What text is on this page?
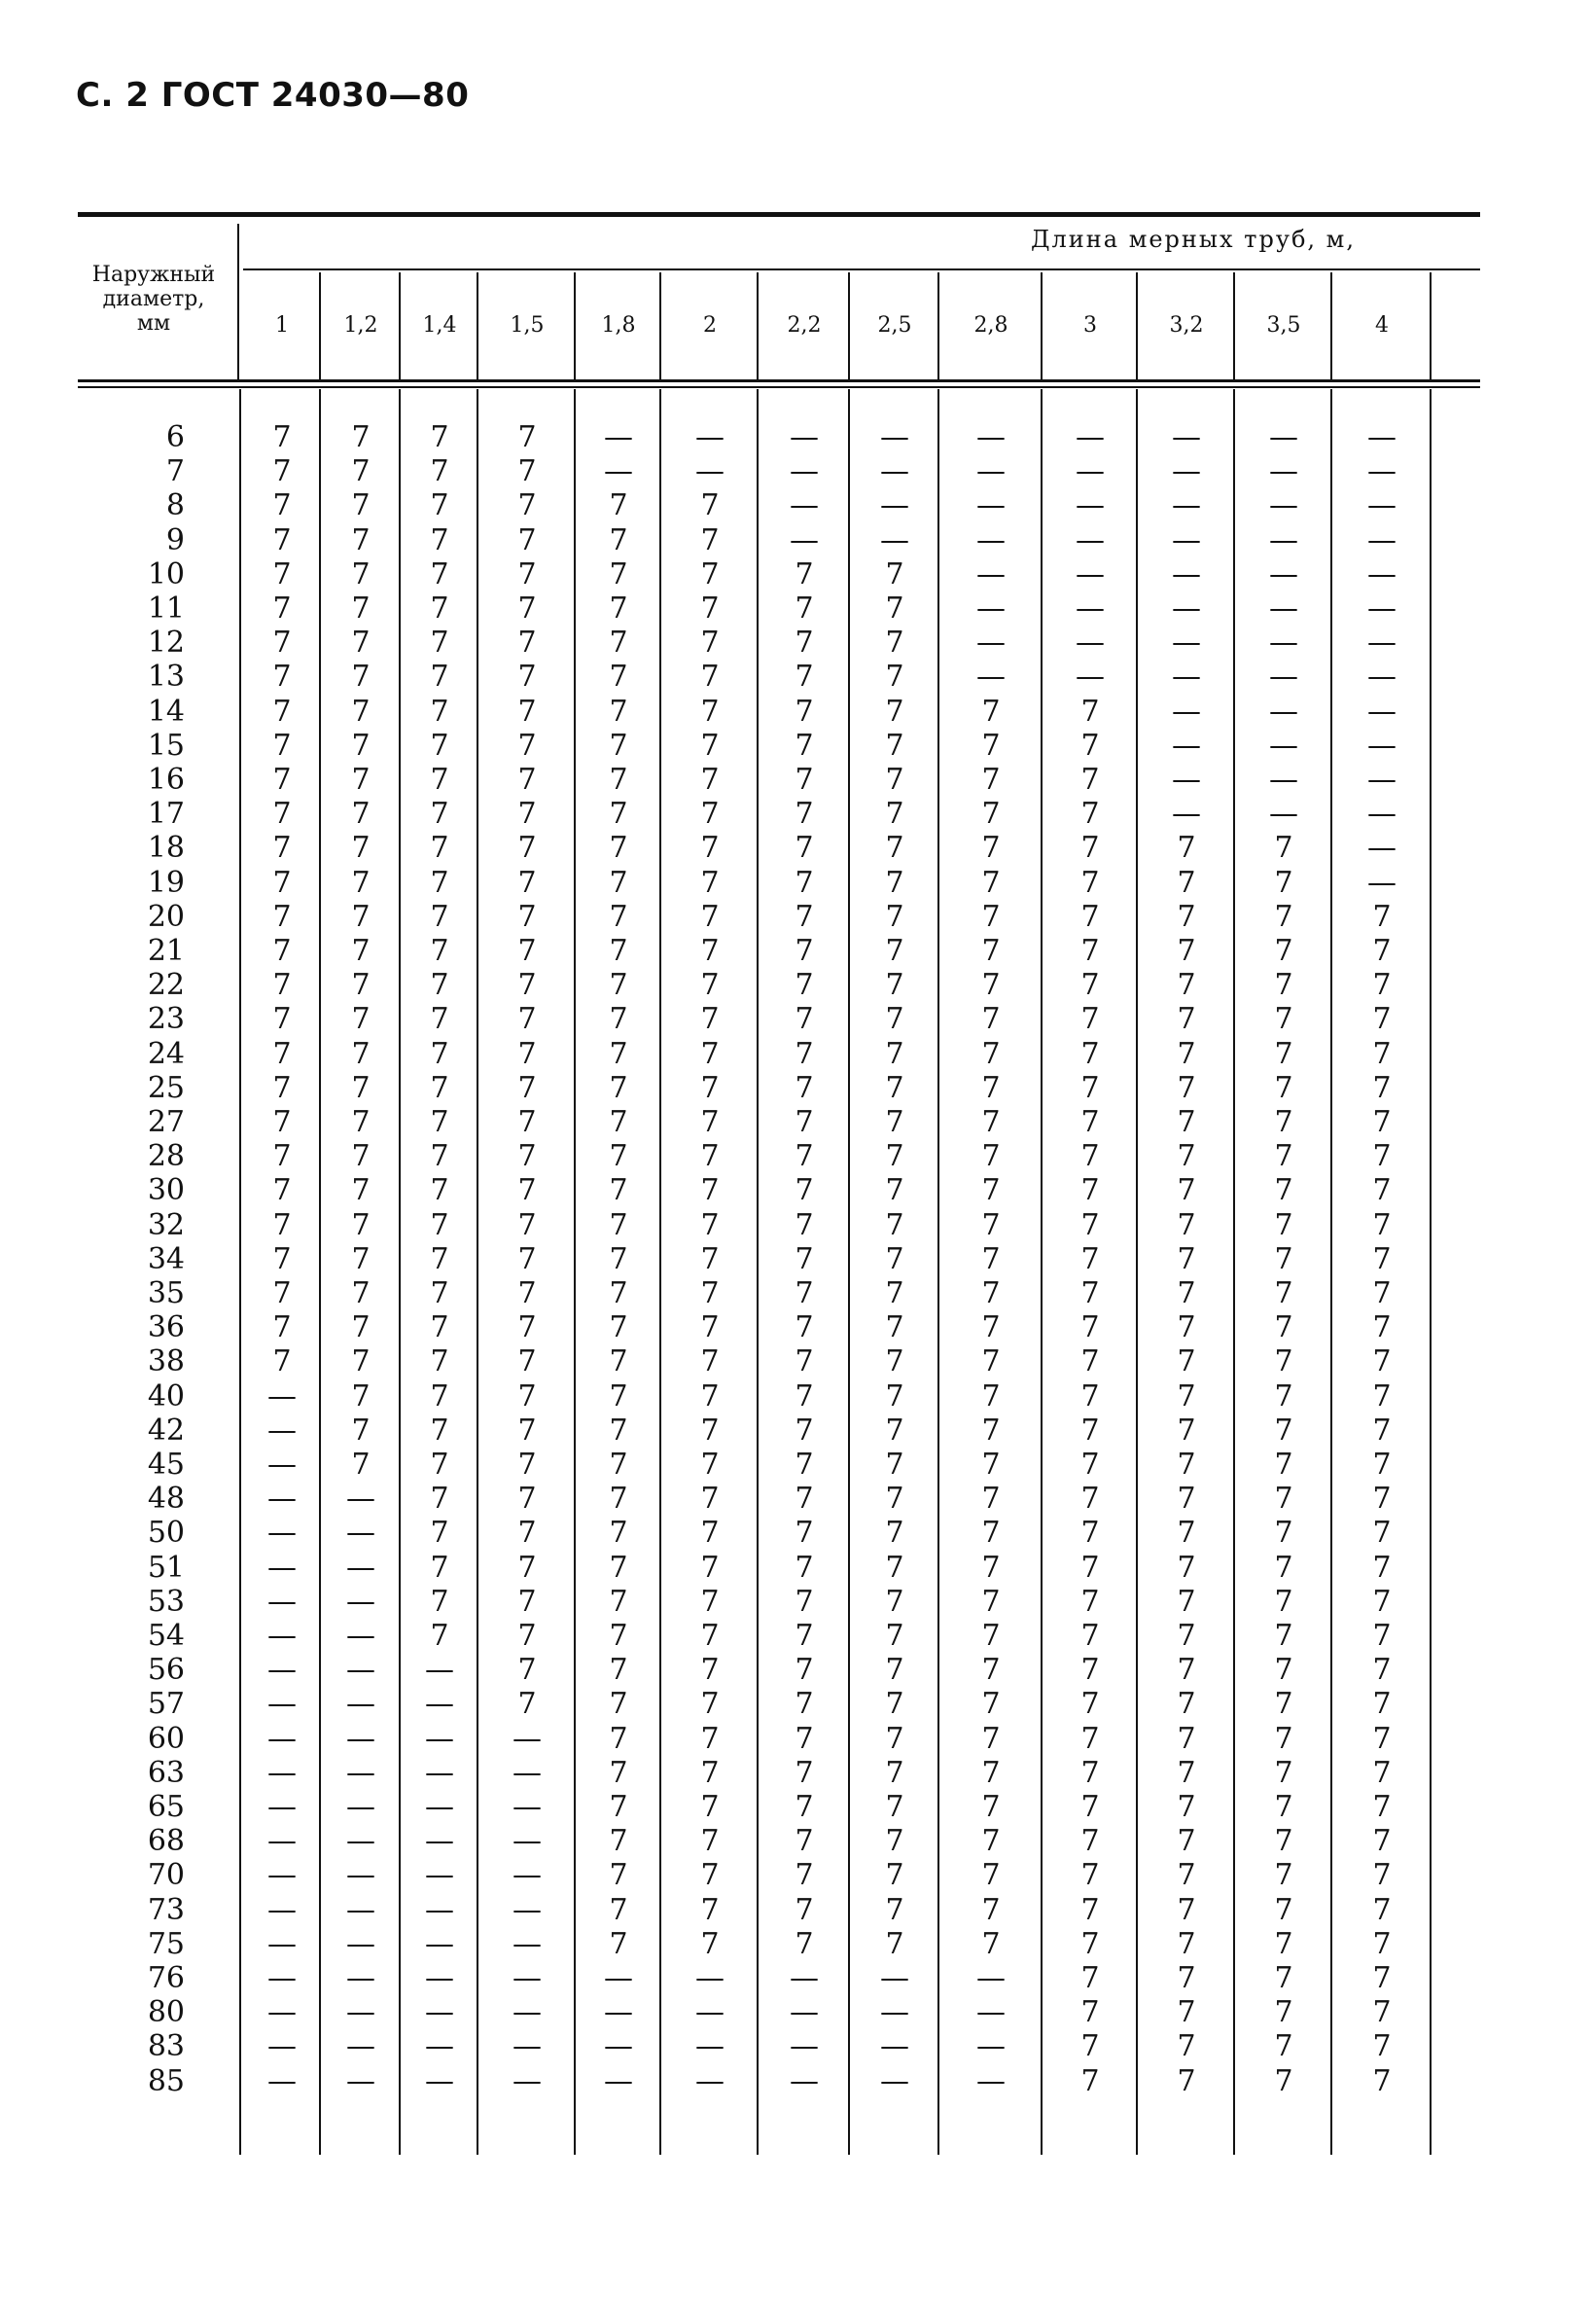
С. 2 ГОСТ 24030—80
Наружный
диаметр,
мм
Длина мерных труб, м,
1	1,2	1,4	1,5	1,8	2	2,2	2,5	2,8	3	3,2	3,5	4
6	7	7	7	7	—	—	—	—	—	—	—	—	—
7	7	7	7	7	—	—	—	—	—	—	—	—	—
8	7	7	7	7	7	7	—	—	—	—	—	—	—
9	7	7	7	7	7	7	—	—	—	—	—	—	—
10	7	7	7	7	7	7	7	7	—	—	—	—	—
11	7	7	7	7	7	7	7	7	—	—	—	—	—
12	7	7	7	7	7	7	7	7	—	—	—	—	—
13	7	7	7	7	7	7	7	7	—	—	—	—	—
14	7	7	7	7	7	7	7	7	7	7	—	—	—
15	7	7	7	7	7	7	7	7	7	7	—	—	—
16	7	7	7	7	7	7	7	7	7	7	—	—	—
17	7	7	7	7	7	7	7	7	7	7	—	—	—
18	7	7	7	7	7	7	7	7	7	7	7	7	—
19	7	7	7	7	7	7	7	7	7	7	7	7	—
20	7	7	7	7	7	7	7	7	7	7	7	7	7
21	7	7	7	7	7	7	7	7	7	7	7	7	7
22	7	7	7	7	7	7	7	7	7	7	7	7	7
23	7	7	7	7	7	7	7	7	7	7	7	7	7
24	7	7	7	7	7	7	7	7	7	7	7	7	7
25	7	7	7	7	7	7	7	7	7	7	7	7	7
27	7	7	7	7	7	7	7	7	7	7	7	7	7
28	7	7	7	7	7	7	7	7	7	7	7	7	7
30	7	7	7	7	7	7	7	7	7	7	7	7	7
32	7	7	7	7	7	7	7	7	7	7	7	7	7
34	7	7	7	7	7	7	7	7	7	7	7	7	7
35	7	7	7	7	7	7	7	7	7	7	7	7	7
36	7	7	7	7	7	7	7	7	7	7	7	7	7
38	7	7	7	7	7	7	7	7	7	7	7	7	7
40	—	7	7	7	7	7	7	7	7	7	7	7	7
42	—	7	7	7	7	7	7	7	7	7	7	7	7
45	—	7	7	7	7	7	7	7	7	7	7	7	7
48	—	—	7	7	7	7	7	7	7	7	7	7	7
50	—	—	7	7	7	7	7	7	7	7	7	7	7
51	—	—	7	7	7	7	7	7	7	7	7	7	7
53	—	—	7	7	7	7	7	7	7	7	7	7	7
54	—	—	7	7	7	7	7	7	7	7	7	7	7
56	—	—	—	7	7	7	7	7	7	7	7	7	7
57	—	—	—	7	7	7	7	7	7	7	7	7	7
60	—	—	—	—	7	7	7	7	7	7	7	7	7
63	—	—	—	—	7	7	7	7	7	7	7	7	7
65	—	—	—	—	7	7	7	7	7	7	7	7	7
68	—	—	—	—	7	7	7	7	7	7	7	7	7
70	—	—	—	—	7	7	7	7	7	7	7	7	7
73	—	—	—	—	7	7	7	7	7	7	7	7	7
75	—	—	—	—	7	7	7	7	7	7	7	7	7
76	—	—	—	—	—	—	—	—	—	7	7	7	7
80	—	—	—	—	—	—	—	—	—	7	7	7	7
83	—	—	—	—	—	—	—	—	—	7	7	7	7
85	—	—	—	—	—	—	—	—	—	7	7	7	7
